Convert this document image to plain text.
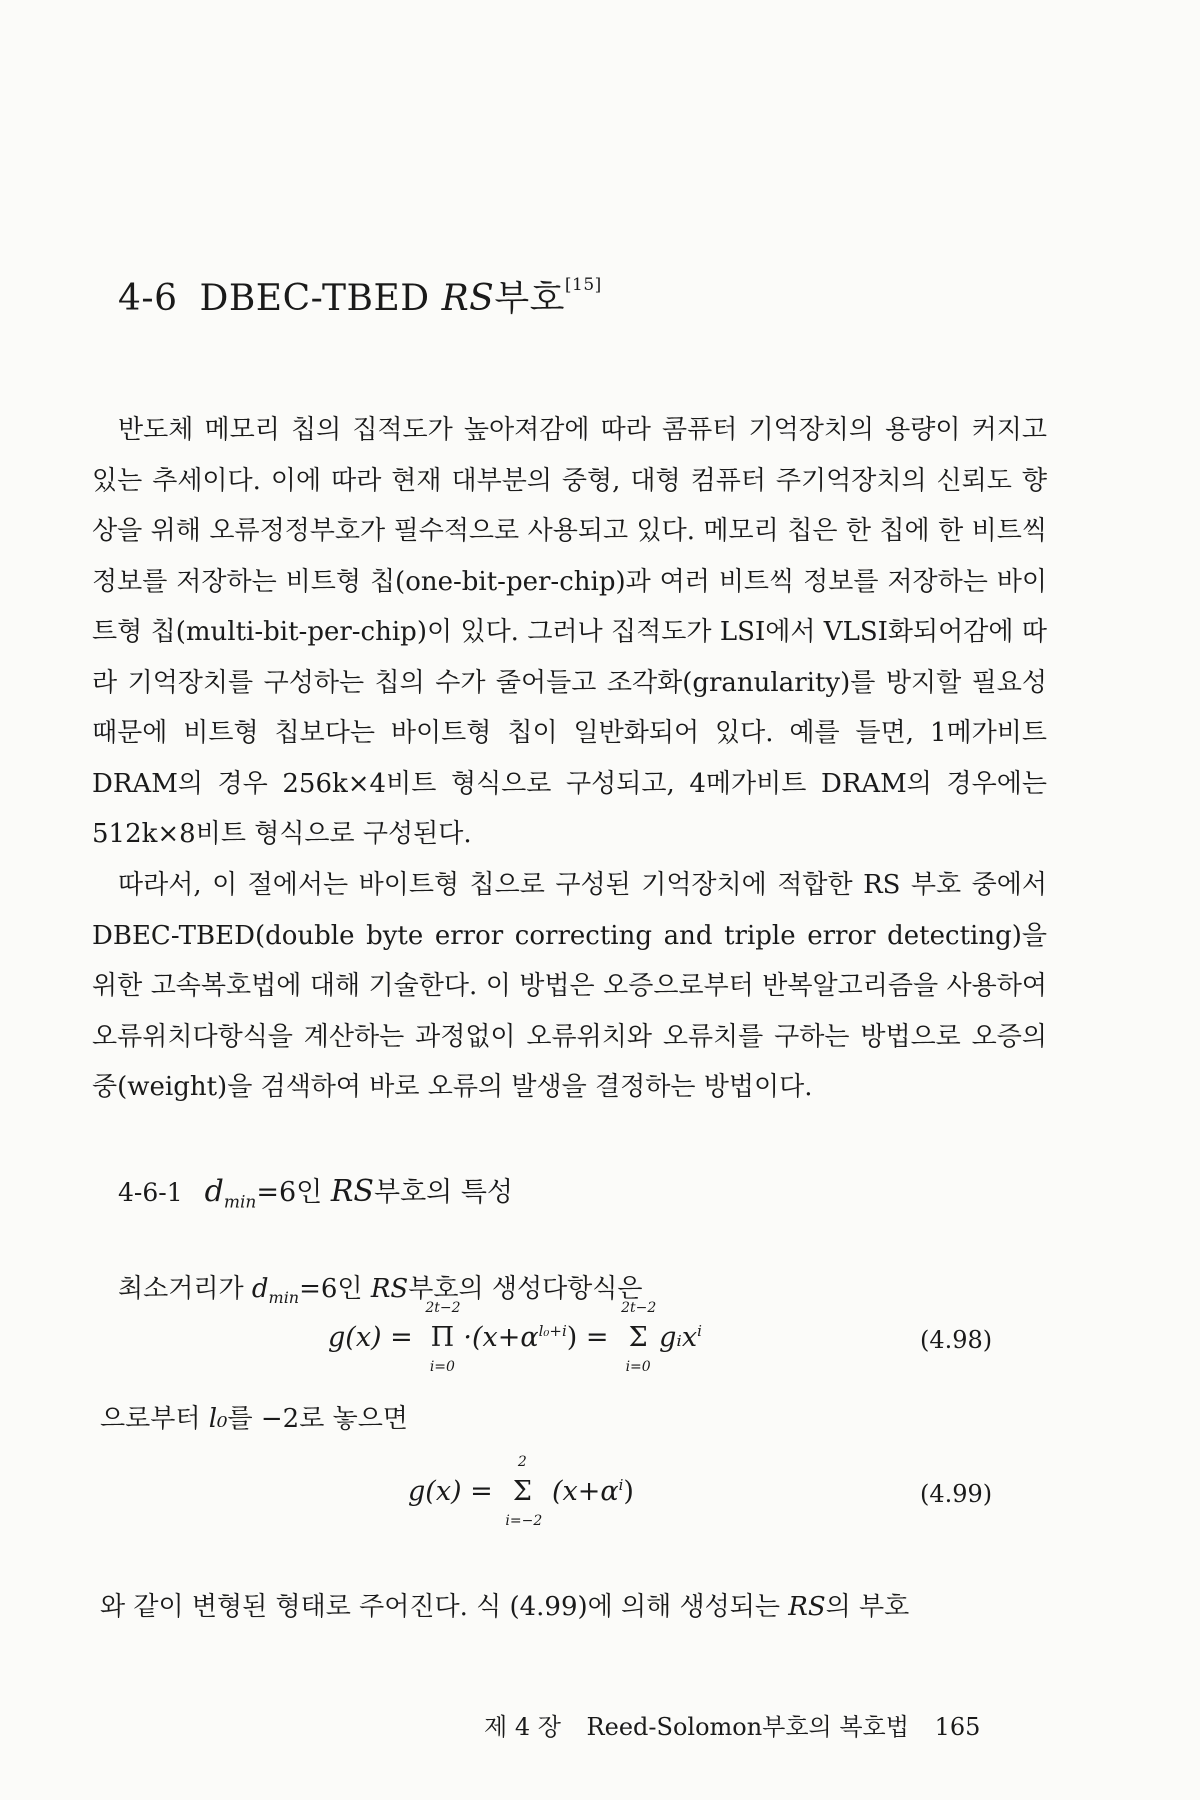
4-6 DBEC-TBED RS부호[15]

반도체 메모리 칩의 집적도가 높아져감에 따라 콤퓨터 기억장치의 용량이 커지고 있는 추세이다. 이에 따라 현재 대부분의 중형, 대형 컴퓨터 주기억장치의 신뢰도 향상을 위해 오류정정부호가 필수적으로 사용되고 있다. 메모리 칩은 한 칩에 한 비트씩 정보를 저장하는 비트형 칩(one-bit-per-chip)과 여러 비트씩 정보를 저장하는 바이트형 칩(multi-bit-per-chip)이 있다. 그러나 집적도가 LSI에서 VLSI화되어감에 따라 기억장치를 구성하는 칩의 수가 줄어들고 조각화(granularity)를 방지할 필요성 때문에 비트형 칩보다는 바이트형 칩이 일반화되어 있다. 예를 들면, 1메가비트 DRAM의 경우 256k×4비트 형식으로 구성되고, 4메가비트 DRAM의 경우에는 512k×8비트 형식으로 구성된다.

따라서, 이 절에서는 바이트형 칩으로 구성된 기억장치에 적합한 RS 부호 중에서 DBEC-TBED(double byte error correcting and triple error detecting)을 위한 고속복호법에 대해 기술한다. 이 방법은 오증으로부터 반복알고리즘을 사용하여 오류위치다항식을 계산하는 과정없이 오류위치와 오류치를 구하는 방법으로 오증의 중(weight)을 검색하여 바로 오류의 발생을 결정하는 방법이다.

4-6-1 $d_{min}=6$인 RS부호의 특성
최소거리가 $d_{min}=6$인 RS부호의 생성다항식은
g(x) =
2t−2
Π
i=0
$\cdot(x+\alpha^{l_0+i})$ =
2t−2
Σ
i=0
gᵢx$^i$	(4.98)
으로부터 l₀를 −2로 놓으면
g(x) =
2
Σ
i=−2
$(x+\alpha^i)$	(4.99)
와 같이 변형된 형태로 주어진다. 식 (4.99)에 의해 생성되는 RS의 부호
제 4 장 Reed-Solomon부호의 복호법 165
